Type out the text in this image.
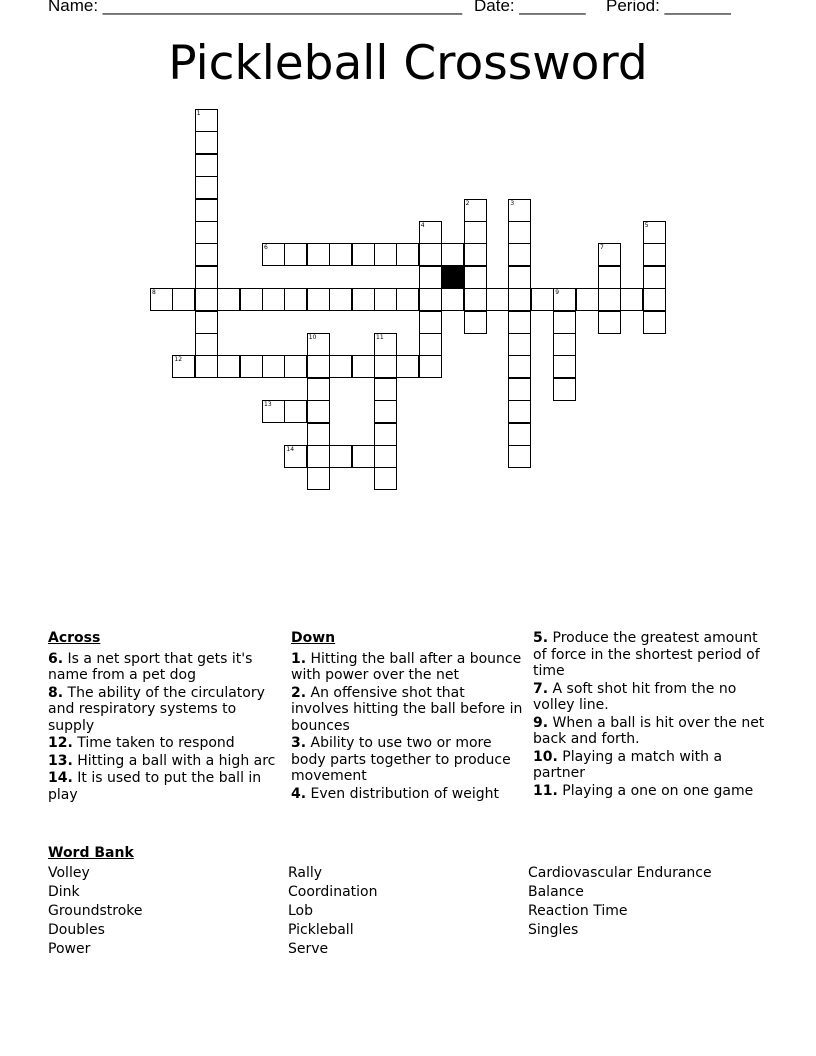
Name: ______________________________________ Date: _______ Period: _______
Pickleball Crossword
1
2	3
4	5
6	7
8	9
10	11
12
13
14
Across
6. Is a net sport that gets it's name from a pet dog
8. The ability of the circulatory and respiratory systems to supply
12. Time taken to respond
13. Hitting a ball with a high arc
14. It is used to put the ball in play
Down
1. Hitting the ball after a bounce with power over the net
2. An offensive shot that involves hitting the ball before in bounces
3. Ability to use two or more body parts together to produce movement
4. Even distribution of weight
5. Produce the greatest amount of force in the shortest period of time
7. A soft shot hit from the no volley line.
9. When a ball is hit over the net back and forth.
10. Playing a match with a partner
11. Playing a one on one game
Word Bank
Volley
Dink
Groundstroke
Doubles
Power
Rally
Coordination
Lob
Pickleball
Serve
Cardiovascular Endurance
Balance
Reaction Time
Singles
